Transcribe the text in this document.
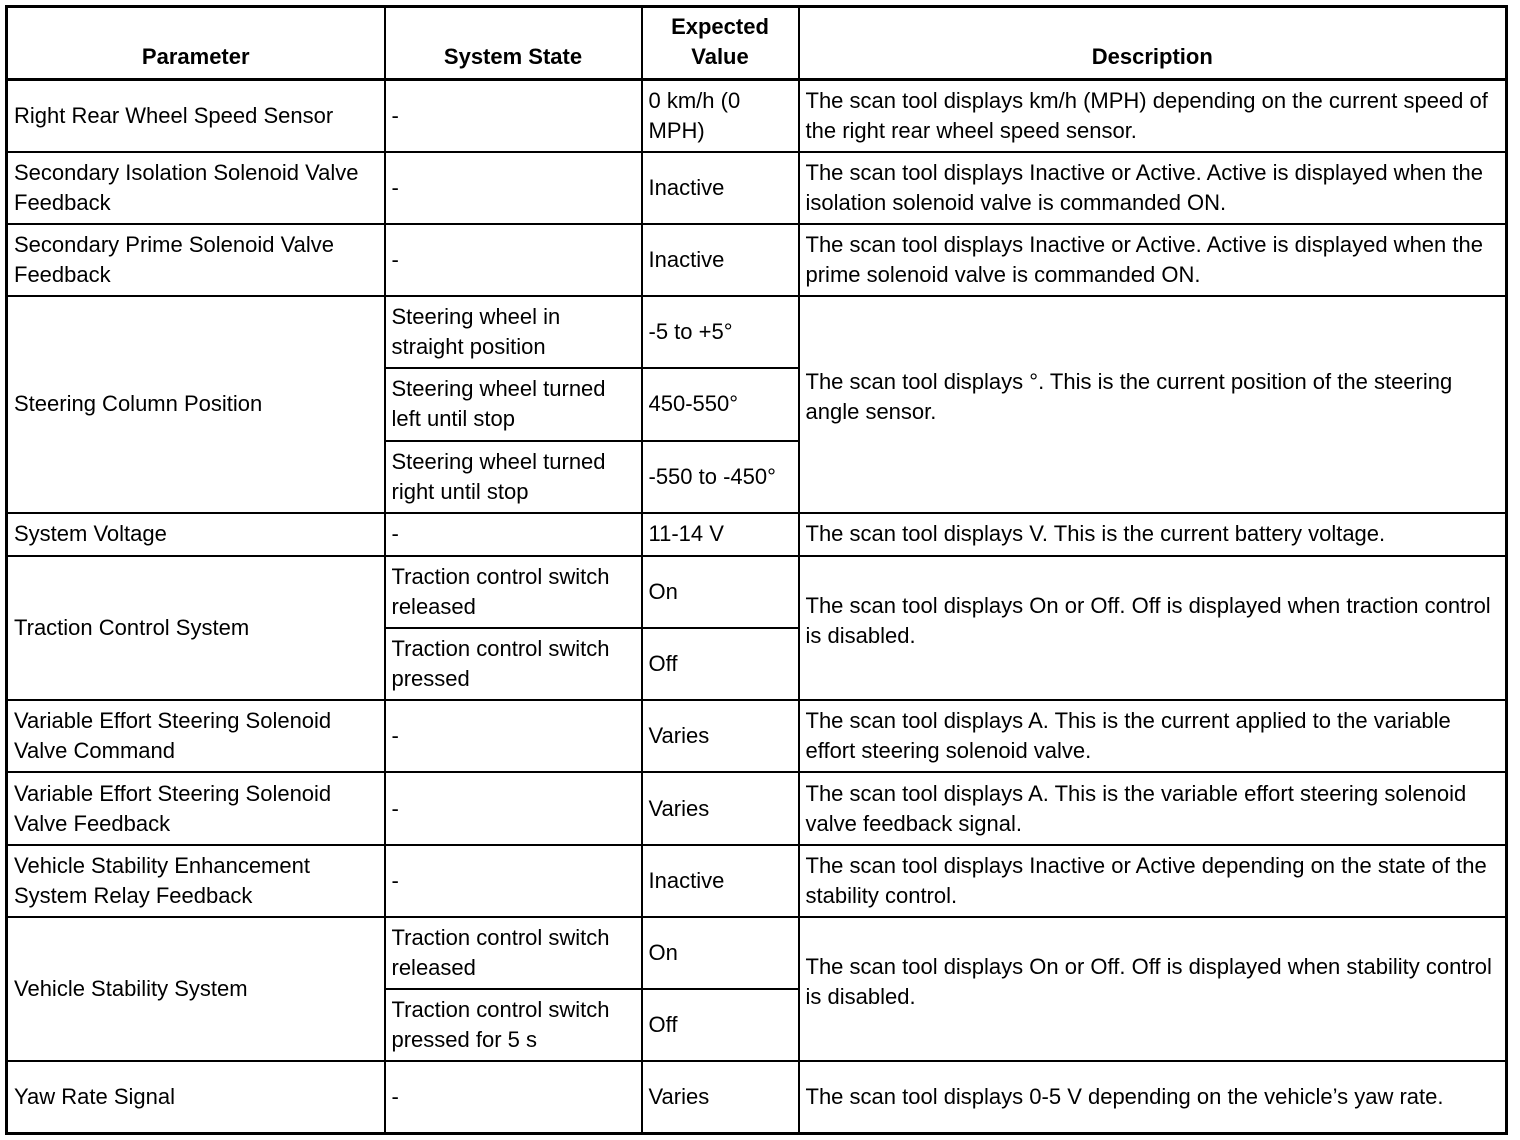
Parameter	System State	Expected Value	Description
Right Rear Wheel Speed Sensor	-	0 km/h (0 MPH)	The scan tool displays km/h (MPH) depending on the current speed of the right rear wheel speed sensor.
Secondary Isolation Solenoid Valve Feedback	-	Inactive	The scan tool displays Inactive or Active. Active is displayed when the isolation solenoid valve is commanded ON.
Secondary Prime Solenoid Valve Feedback	-	Inactive	The scan tool displays Inactive or Active. Active is displayed when the prime solenoid valve is commanded ON.
Steering Column Position	Steering wheel in straight position	-5 to +5°	The scan tool displays °. This is the current position of the steering angle sensor.

	Steering wheel turned left until stop	450-550°	
	Steering wheel turned right until stop	-550 to -450°	
System Voltage	-	11-14 V	The scan tool displays V. This is the current battery voltage.
Traction Control System	Traction control switch released	On	The scan tool displays On or Off. Off is displayed when traction control is disabled.

	Traction control switch pressed	Off	
Variable Effort Steering Solenoid Valve Command	-	Varies	The scan tool displays A. This is the current applied to the variable effort steering solenoid valve.
Variable Effort Steering Solenoid Valve Feedback	-	Varies	The scan tool displays A. This is the variable effort steering solenoid valve feedback signal.
Vehicle Stability Enhancement System Relay Feedback	-	Inactive	The scan tool displays Inactive or Active depending on the state of the stability control.
Vehicle Stability System	Traction control switch released	On	The scan tool displays On or Off. Off is displayed when stability control is disabled.

	Traction control switch pressed for 5 s	Off	
Yaw Rate Signal	-	Varies	The scan tool displays 0-5 V depending on the vehicle’s yaw rate.
